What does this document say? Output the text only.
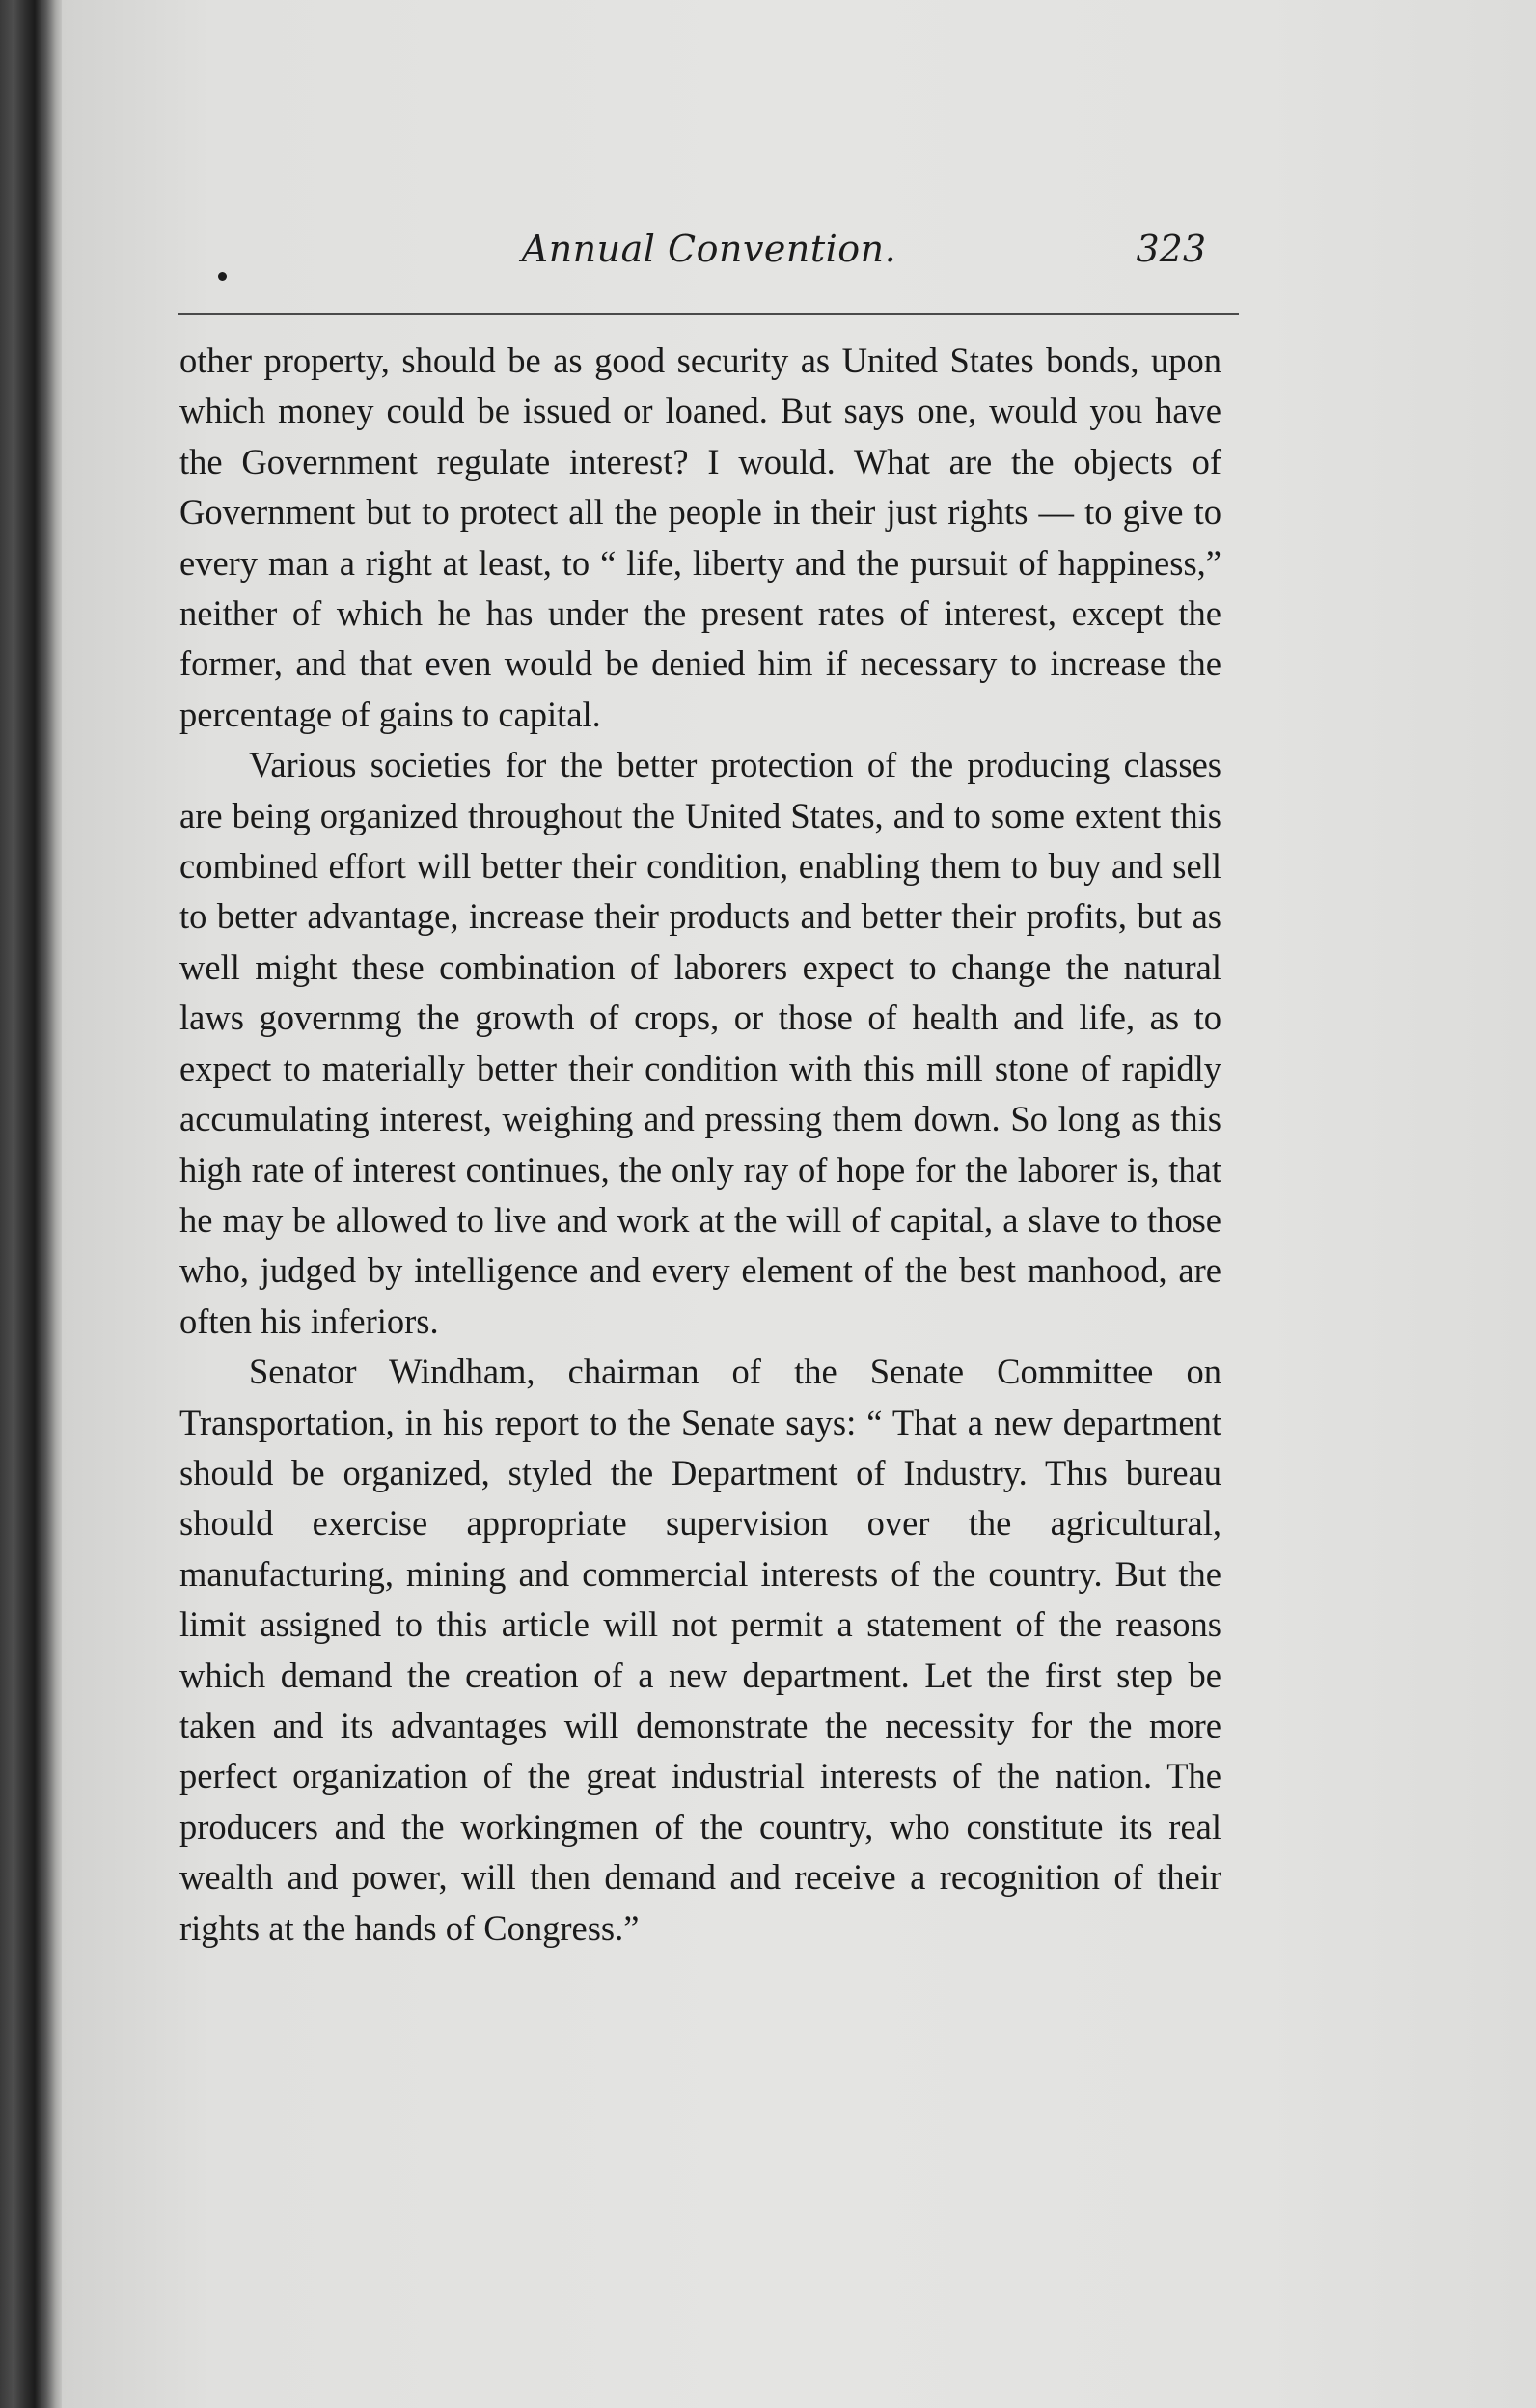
Annual Convention.	323

other property, should be as good security as United States bonds, upon which money could be issued or loaned. But says one, would you have the Government regulate interest? I would. What are the objects of Government but to protect all the people in their just rights — to give to every man a right at least, to “ life, liberty and the pursuit of happiness,” neither of which he has under the present rates of interest, except the former, and that even would be denied him if necessary to increase the percentage of gains to capital.

Various societies for the better protection of the producing classes are being organized throughout the United States, and to some extent this combined effort will better their condition, enabling them to buy and sell to better advantage, increase their products and better their profits, but as well might these combination of laborers expect to change the natural laws governmg the growth of crops, or those of health and life, as to expect to materially better their condition with this mill stone of rapidly accumulating interest, weighing and pressing them down. So long as this high rate of interest continues, the only ray of hope for the laborer is, that he may be allowed to live and work at the will of capital, a slave to those who, judged by intelligence and every element of the best manhood, are often his inferiors.

Senator Windham, chairman of the Senate Committee on Transportation, in his report to the Senate says: “ That a new department should be organized, styled the Department of Industry. Thıs bureau should exercise appropriate supervision over the agricultural, manufacturing, mining and commercial interests of the country. But the limit assigned to this article will not permit a statement of the reasons which demand the creation of a new department. Let the first step be taken and its advantages will demonstrate the necessity for the more perfect organization of the great industrial interests of the nation. The producers and the workingmen of the country, who constitute its real wealth and power, will then demand and receive a recognition of their rights at the hands of Congress.”
